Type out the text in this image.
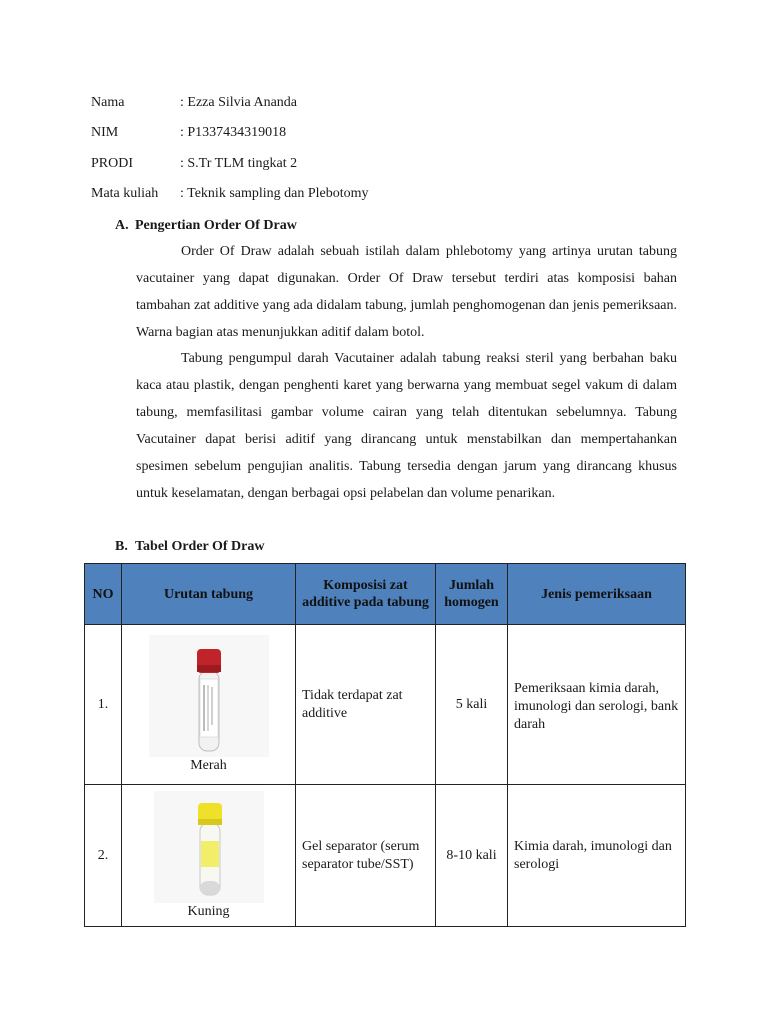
Nama	: Ezza Silvia Ananda
NIM	: P1337434319018
PRODI	: S.Tr TLM tingkat 2
Mata kuliah	: Teknik sampling dan Plebotomy
A. Pengertian Order Of Draw

Order Of Draw adalah sebuah istilah dalam phlebotomy yang artinya urutan tabung vacutainer yang dapat digunakan. Order Of Draw tersebut terdiri atas komposisi bahan tambahan zat additive yang ada didalam tabung, jumlah penghomogenan dan jenis pemeriksaan. Warna bagian atas menunjukkan aditif dalam botol.

Tabung pengumpul darah Vacutainer adalah tabung reaksi steril yang berbahan baku kaca atau plastik, dengan penghenti karet yang berwarna yang membuat segel vakum di dalam tabung, memfasilitasi gambar volume cairan yang telah ditentukan sebelumnya. Tabung Vacutainer dapat berisi aditif yang dirancang untuk menstabilkan dan mempertahankan spesimen sebelum pengujian analitis. Tabung tersedia dengan jarum yang dirancang khusus untuk keselamatan, dengan berbagai opsi pelabelan dan volume penarikan.

B. Tabel Order Of Draw
NO	Urutan tabung	Komposisi zat additive pada tabung	Jumlah homogen	Jenis pemeriksaan
1.	Merah	Tidak terdapat zat additive	5 kali	Pemeriksaan kimia darah, imunologi dan serologi, bank darah
2.	Kuning	Gel separator (serum separator tube/SST)	8-10 kali	Kimia darah, imunologi dan serologi
